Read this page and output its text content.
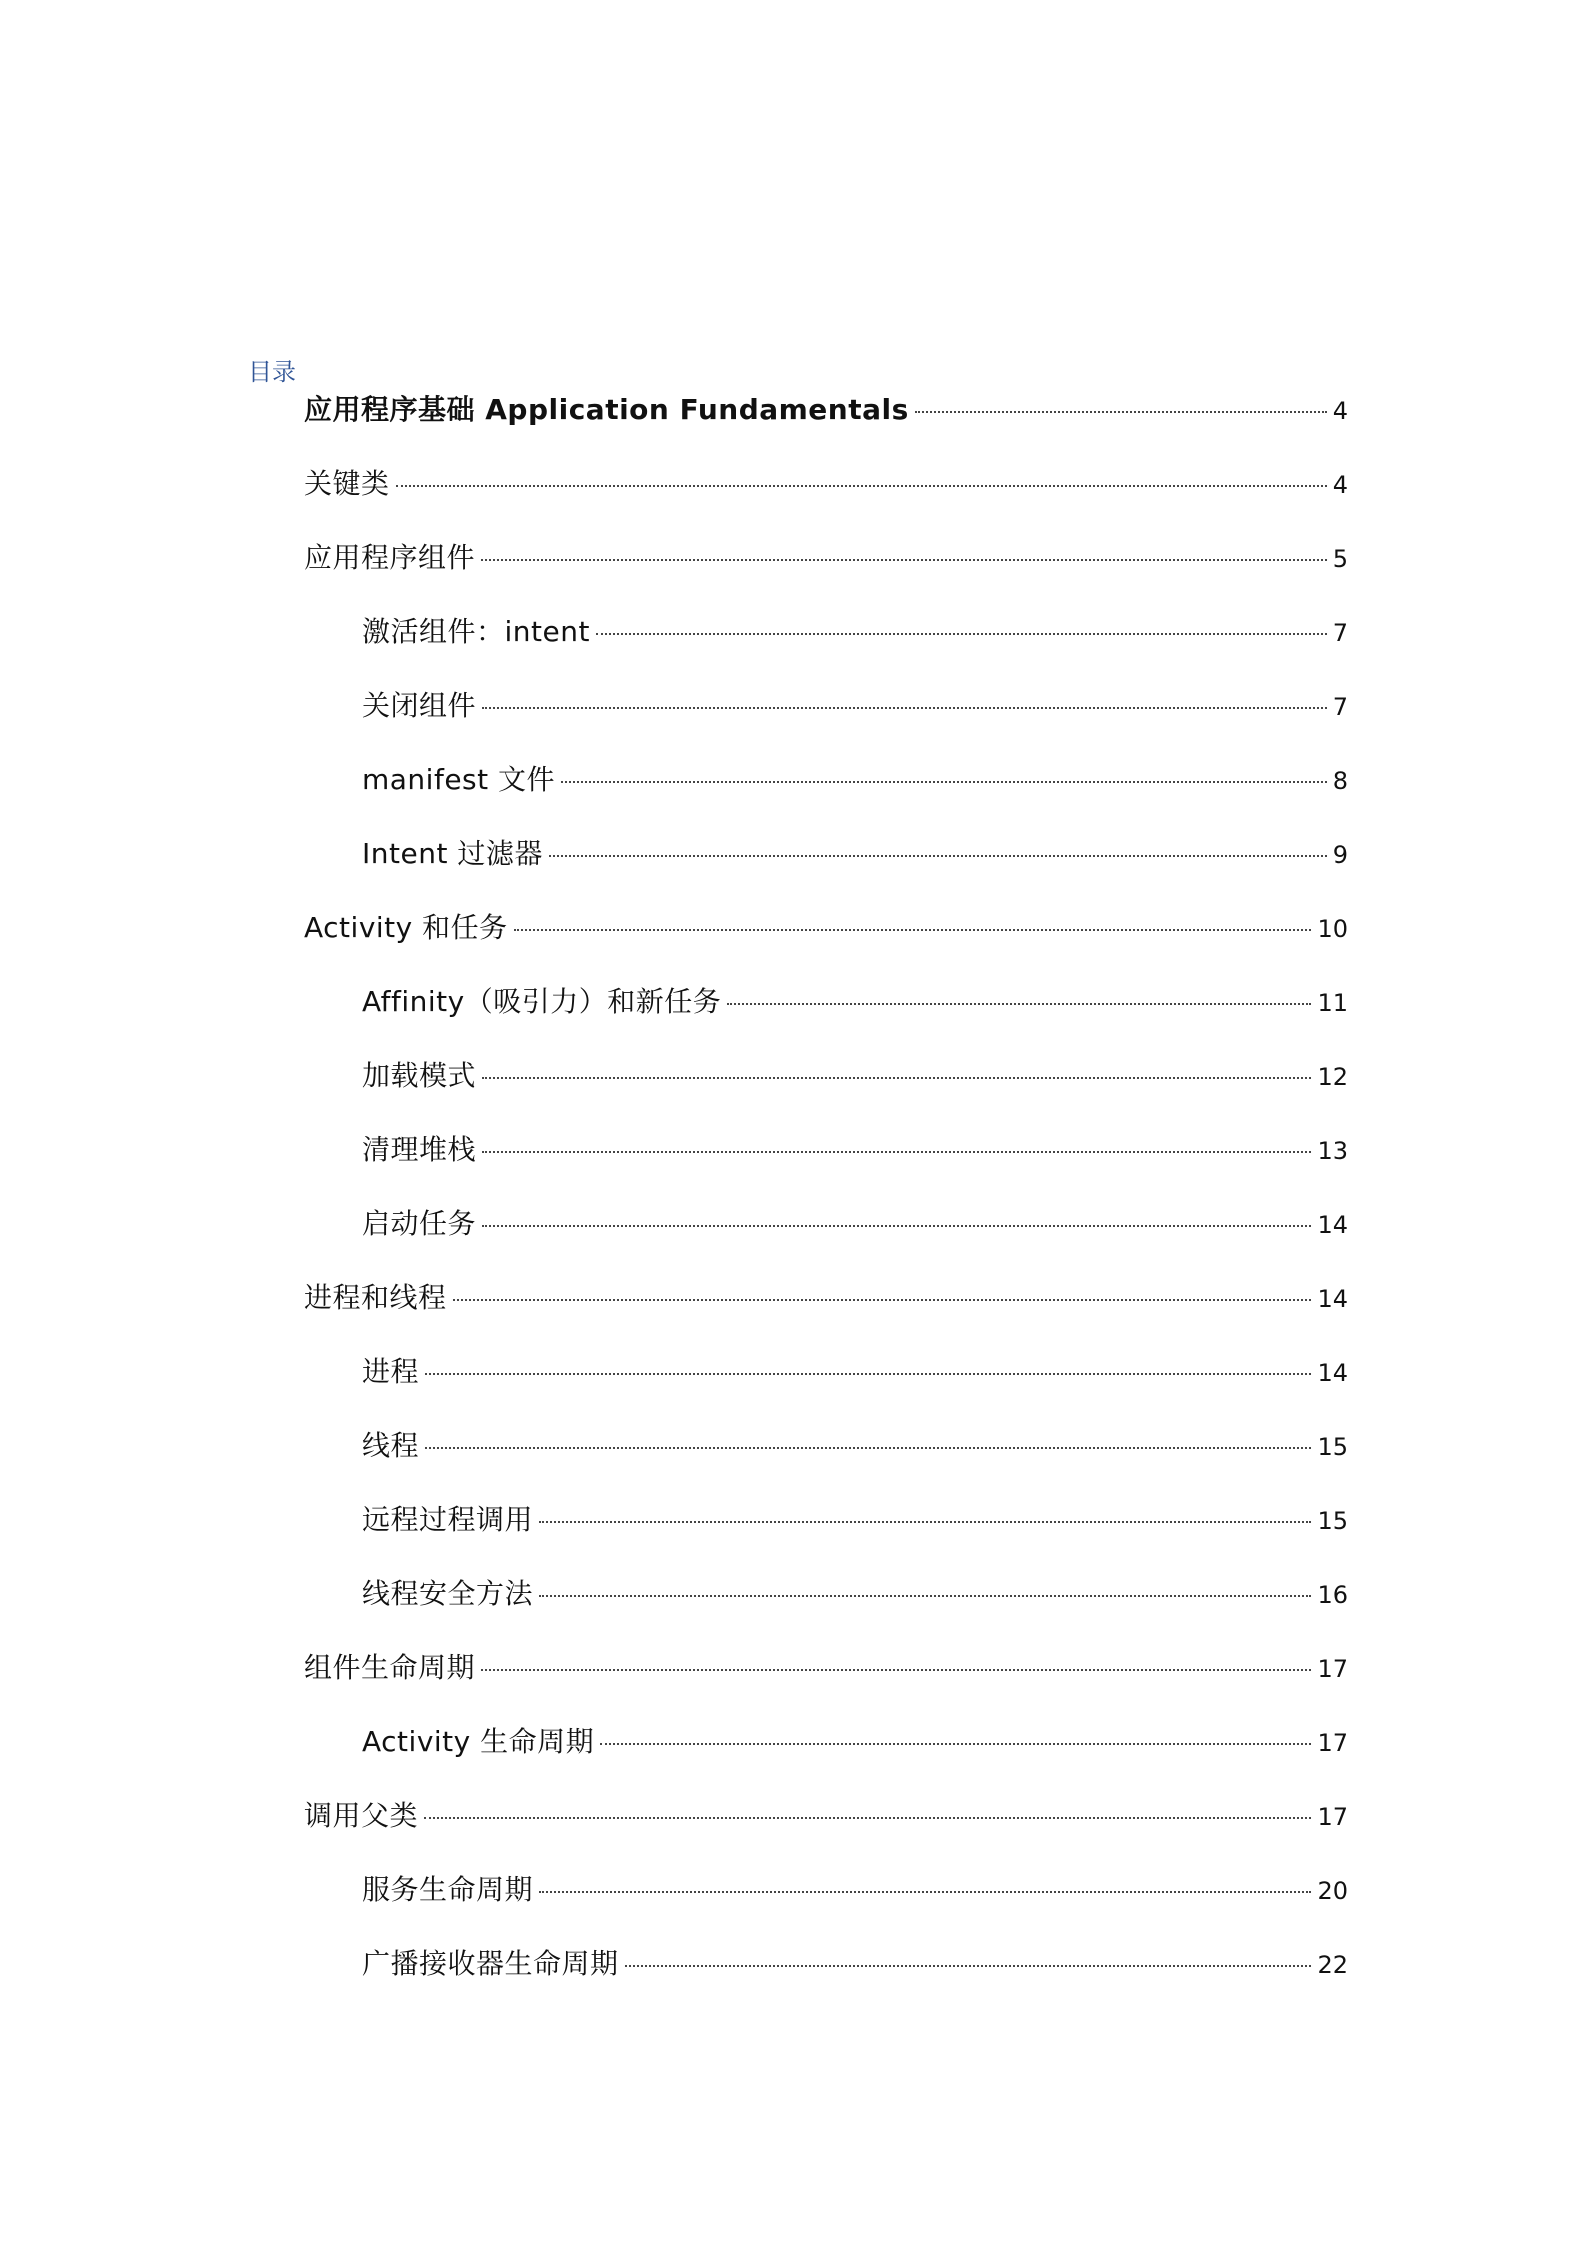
目录
应用程序基础 Application Fundamentals	4
关键类	4
应用程序组件	5
激活组件：intent	7
关闭组件	7
manifest 文件	8
Intent 过滤器	9
Activity 和任务	10
Affinity（吸引力）和新任务	11
加载模式	12
清理堆栈	13
启动任务	14
进程和线程	14
进程	14
线程	15
远程过程调用	15
线程安全方法	16
组件生命周期	17
Activity 生命周期	17
调用父类	17
服务生命周期	20
广播接收器生命周期	22
